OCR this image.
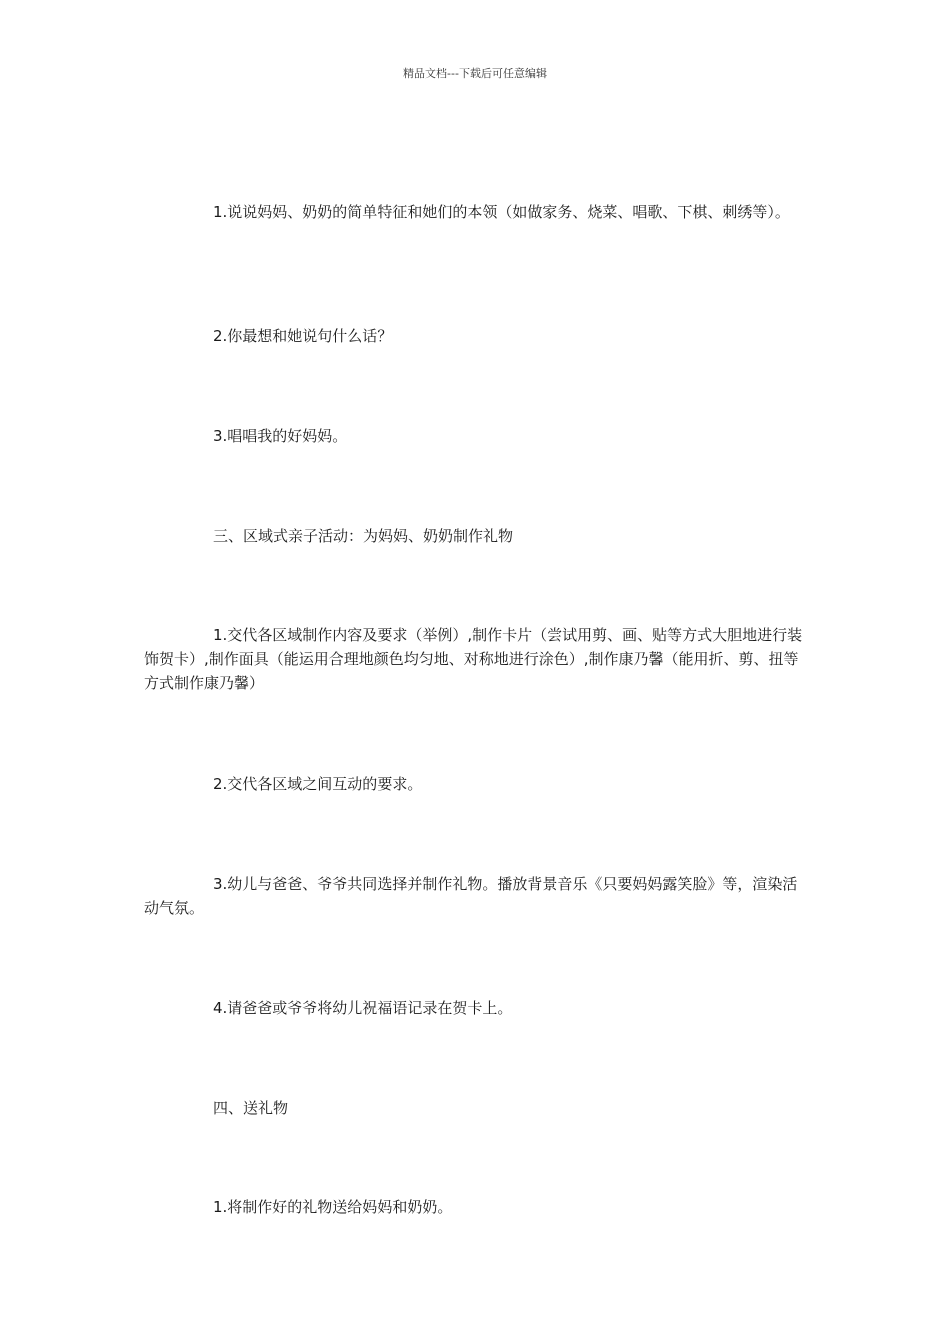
精品文档---下载后可任意编辑

1.说说妈妈、奶奶的简单特征和她们的本领（如做家务、烧菜、唱歌、下棋、刺绣等）。

2.你最想和她说句什么话？

3.唱唱我的好妈妈。

三、区域式亲子活动：为妈妈、奶奶制作礼物

1.交代各区域制作内容及要求（举例）,制作卡片（尝试用剪、画、贴等方式大胆地进行装饰贺卡）,制作面具（能运用合理地颜色均匀地、对称地进行涂色）,制作康乃馨（能用折、剪、扭等方式制作康乃馨）

2.交代各区域之间互动的要求。

3.幼儿与爸爸、爷爷共同选择并制作礼物。播放背景音乐《只要妈妈露笑脸》等，渲染活动气氛。

4.请爸爸或爷爷将幼儿祝福语记录在贺卡上。

四、送礼物

1.将制作好的礼物送给妈妈和奶奶。
